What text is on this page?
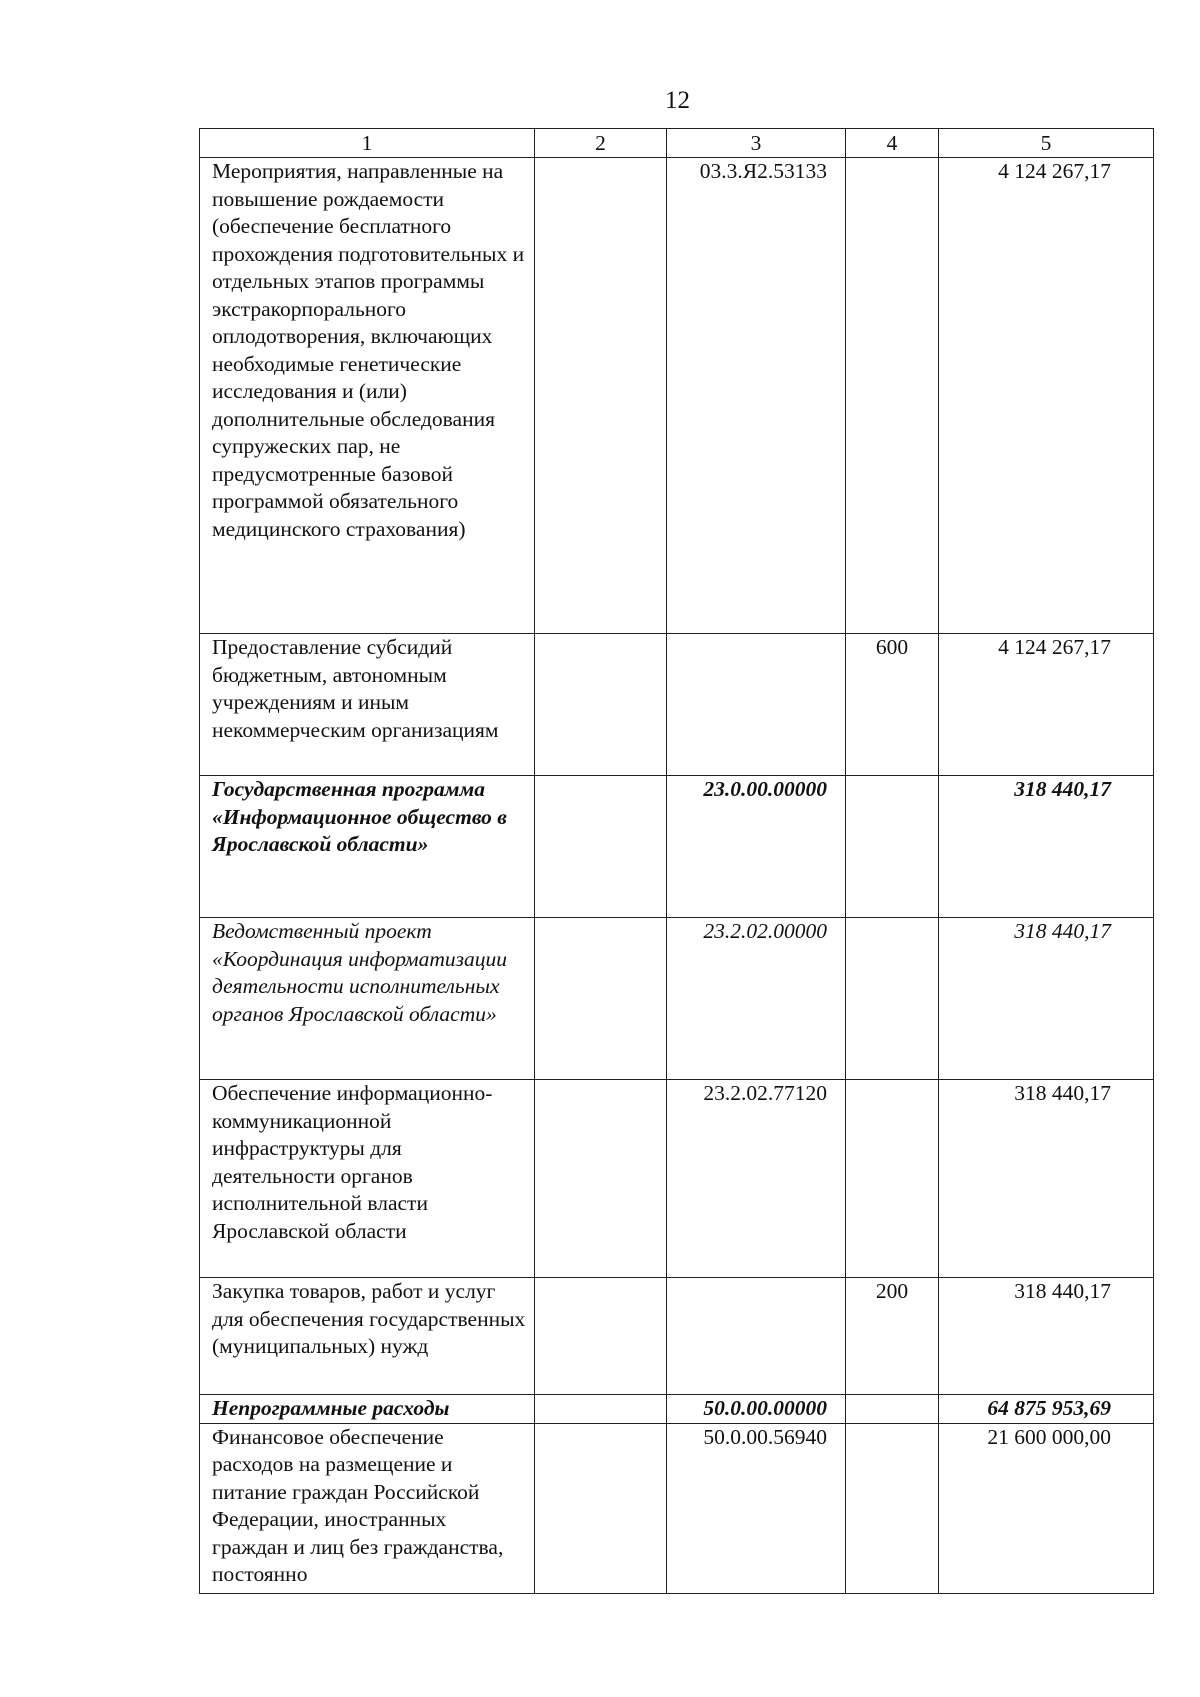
12
1	2	3	4	5
Мероприятия, направленные на повышение рождаемости (обеспечение бесплатного прохождения подготовительных и отдельных этапов программы экстракорпорального оплодотворения, включающих необходимые генетические исследования и (или) дополнительные обследования супружеских пар, не предусмотренные базовой программой обязательного медицинского страхования)		03.3.Я2.53133		4 124 267,17
Предоставление субсидий бюджетным, автономным учреждениям и иным некоммерческим организациям			600	4 124 267,17
Государственная программа «Информационное общество в Ярославской области»		23.0.00.00000		318 440,17
Ведомственный проект «Координация информатизации деятельности исполнительных органов Ярославской области»		23.2.02.00000		318 440,17
Обеспечение информационно-коммуникационной инфраструктуры для деятельности органов исполнительной власти Ярославской области		23.2.02.77120		318 440,17
Закупка товаров, работ и услуг для обеспечения государственных (муниципальных) нужд			200	318 440,17
Непрограммные расходы		50.0.00.00000		64 875 953,69
Финансовое обеспечение расходов на размещение и питание граждан Российской Федерации, иностранных граждан и лиц без гражданства, постоянно		50.0.00.56940		21 600 000,00
